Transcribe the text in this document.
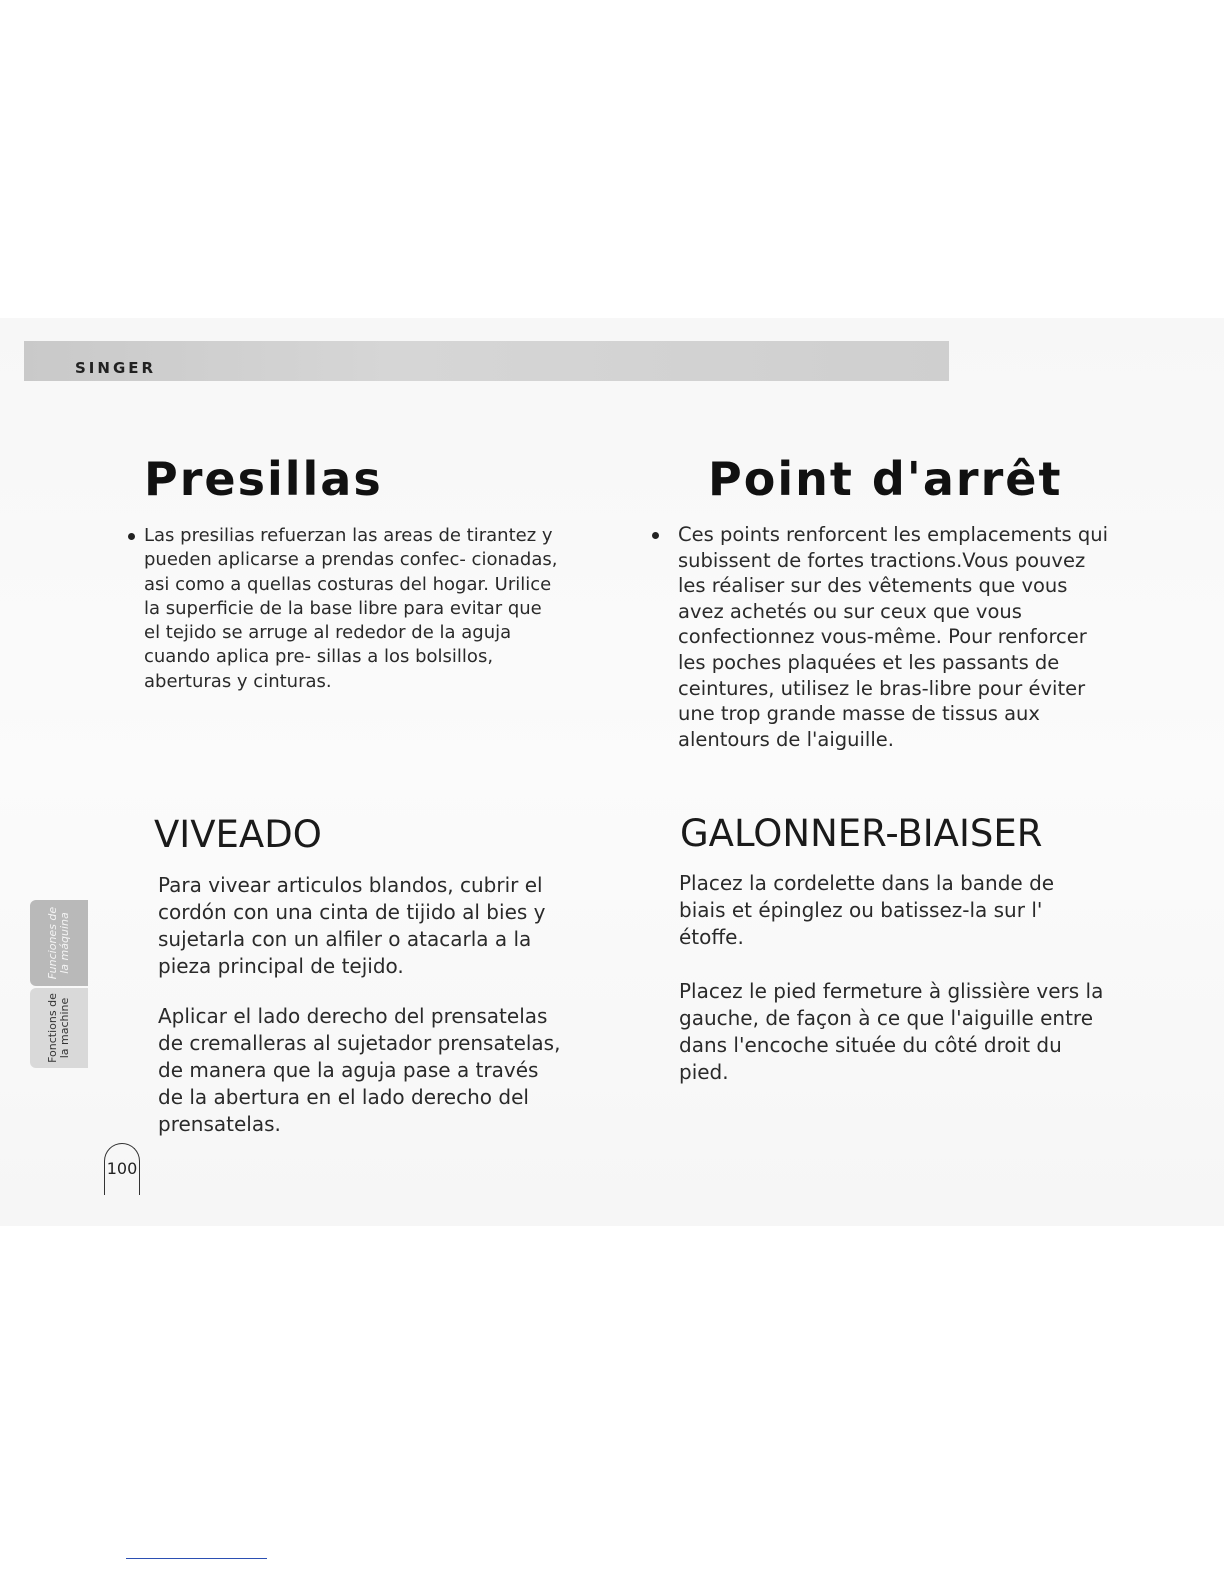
SINGER
Presillas
Las presilias refuerzan las areas de tirantez y pueden aplicarse a prendas confec- cionadas, asi como a quellas costuras del hogar. Urilice la superficie de la base libre para evitar que el tejido se arruge al rededor de la aguja cuando aplica pre- sillas a los bolsillos, aberturas y cinturas.
Point d'arrêt
Ces points renforcent les emplacements qui subissent de fortes tractions.Vous pouvez les réaliser sur des vêtements que vous avez achetés ou sur ceux que vous confectionnez vous-même. Pour renforcer les poches plaquées et les passants de ceintures, utilisez le bras-libre pour éviter une trop grande masse de tissus aux alentours de l'aiguille.
VIVEADO

Para vivear articulos blandos, cubrir el cordón con una cinta de tijido al bies y sujetarla con un alfiler o atacarla a la pieza principal de tejido.

Aplicar el lado derecho del prensatelas de cremalleras al sujetador prensatelas, de manera que la aguja pase a través de la abertura en el lado derecho del prensatelas.

GALONNER-BIAISER

Placez la cordelette dans la bande de biais et épinglez ou batissez-la sur l' étoffe.

Placez le pied fermeture à glissière vers la gauche, de façon à ce que l'aiguille entre dans l'encoche située du côté droit du pied.

Funciones de la máquina
Fonctions de la machine
100
